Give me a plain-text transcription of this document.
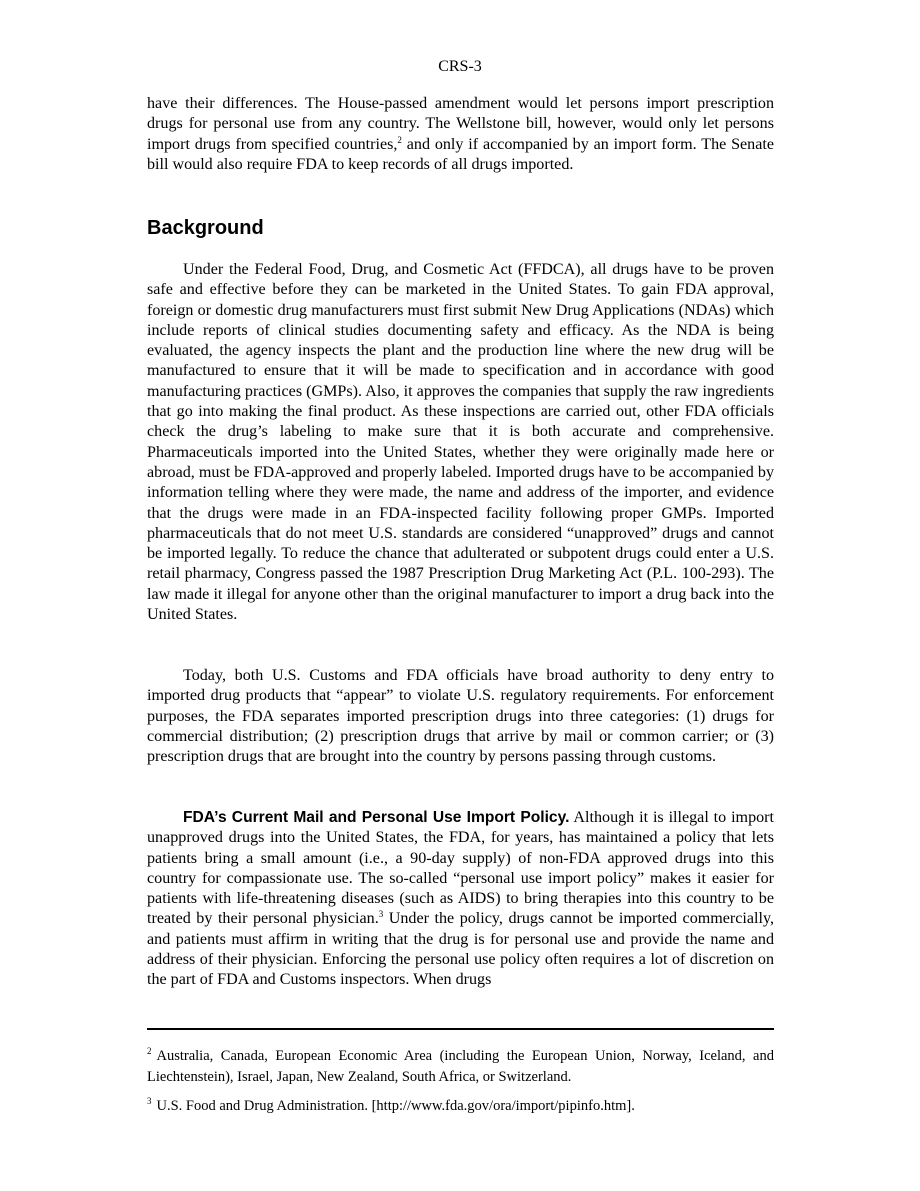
CRS-3

have their differences. The House-passed amendment would let persons import prescription drugs for personal use from any country. The Wellstone bill, however, would only let persons import drugs from specified countries,$^2$ and only if accompanied by an import form. The Senate bill would also require FDA to keep records of all drugs imported.

Background

Under the Federal Food, Drug, and Cosmetic Act (FFDCA), all drugs have to be proven safe and effective before they can be marketed in the United States. To gain FDA approval, foreign or domestic drug manufacturers must first submit New Drug Applications (NDAs) which include reports of clinical studies documenting safety and efficacy. As the NDA is being evaluated, the agency inspects the plant and the production line where the new drug will be manufactured to ensure that it will be made to specification and in accordance with good manufacturing practices (GMPs). Also, it approves the companies that supply the raw ingredients that go into making the final product. As these inspections are carried out, other FDA officials check the drug’s labeling to make sure that it is both accurate and comprehensive. Pharmaceuticals imported into the United States, whether they were originally made here or abroad, must be FDA-approved and properly labeled. Imported drugs have to be accompanied by information telling where they were made, the name and address of the importer, and evidence that the drugs were made in an FDA-inspected facility following proper GMPs. Imported pharmaceuticals that do not meet U.S. standards are considered “unapproved” drugs and cannot be imported legally. To reduce the chance that adulterated or subpotent drugs could enter a U.S. retail pharmacy, Congress passed the 1987 Prescription Drug Marketing Act (P.L. 100-293). The law made it illegal for anyone other than the original manufacturer to import a drug back into the United States.

Today, both U.S. Customs and FDA officials have broad authority to deny entry to imported drug products that “appear” to violate U.S. regulatory requirements. For enforcement purposes, the FDA separates imported prescription drugs into three categories: (1) drugs for commercial distribution; (2) prescription drugs that arrive by mail or common carrier; or (3) prescription drugs that are brought into the country by persons passing through customs.

FDA’s Current Mail and Personal Use Import Policy. Although it is illegal to import unapproved drugs into the United States, the FDA, for years, has maintained a policy that lets patients bring a small amount (i.e., a 90-day supply) of non-FDA approved drugs into this country for compassionate use. The so-called “personal use import policy” makes it easier for patients with life-threatening diseases (such as AIDS) to bring therapies into this country to be treated by their personal physician.$^3$ Under the policy, drugs cannot be imported commercially, and patients must affirm in writing that the drug is for personal use and provide the name and address of their physician. Enforcing the personal use policy often requires a lot of discretion on the part of FDA and Customs inspectors. When drugs

$^2$ Australia, Canada, European Economic Area (including the European Union, Norway, Iceland, and Liechtenstein), Israel, Japan, New Zealand, South Africa, or Switzerland.

$^3$ U.S. Food and Drug Administration. [http://www.fda.gov/ora/import/pipinfo.htm].
